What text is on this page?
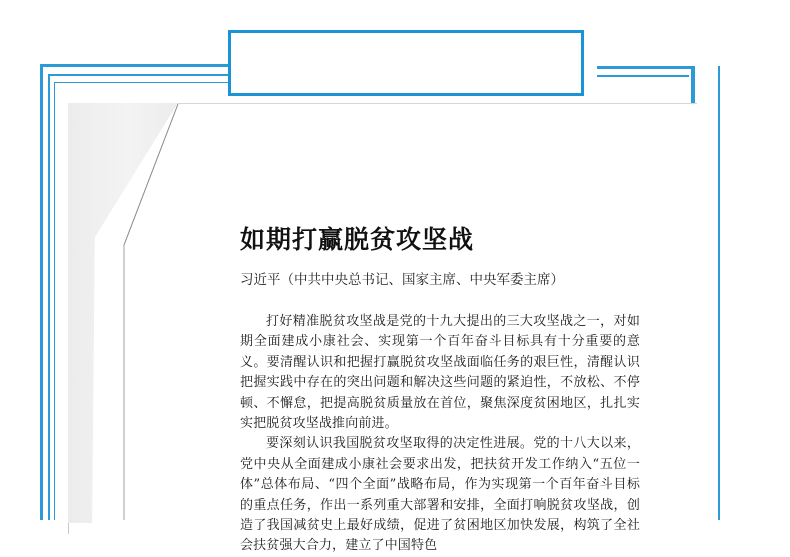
如期打赢脱贫攻坚战

习近平（中共中央总书记、国家主席、中央军委主席）

打好精准脱贫攻坚战是党的十九大提出的三大攻坚战之一，对如期全面建成小康社会、实现第一个百年奋斗目标具有十分重要的意义。要清醒认识和把握打赢脱贫攻坚战面临任务的艰巨性，清醒认识把握实践中存在的突出问题和解决这些问题的紧迫性，不放松、不停顿、不懈怠，把提高脱贫质量放在首位，聚焦深度贫困地区，扎扎实实把脱贫攻坚战推向前进。

要深刻认识我国脱贫攻坚取得的决定性进展。党的十八大以来，党中央从全面建成小康社会要求出发，把扶贫开发工作纳入“五位一体”总体布局、“四个全面”战略布局，作为实现第一个百年奋斗目标的重点任务，作出一系列重大部署和安排，全面打响脱贫攻坚战，创造了我国减贫史上最好成绩，促进了贫困地区加快发展，构筑了全社会扶贫强大合力，建立了中国特色
